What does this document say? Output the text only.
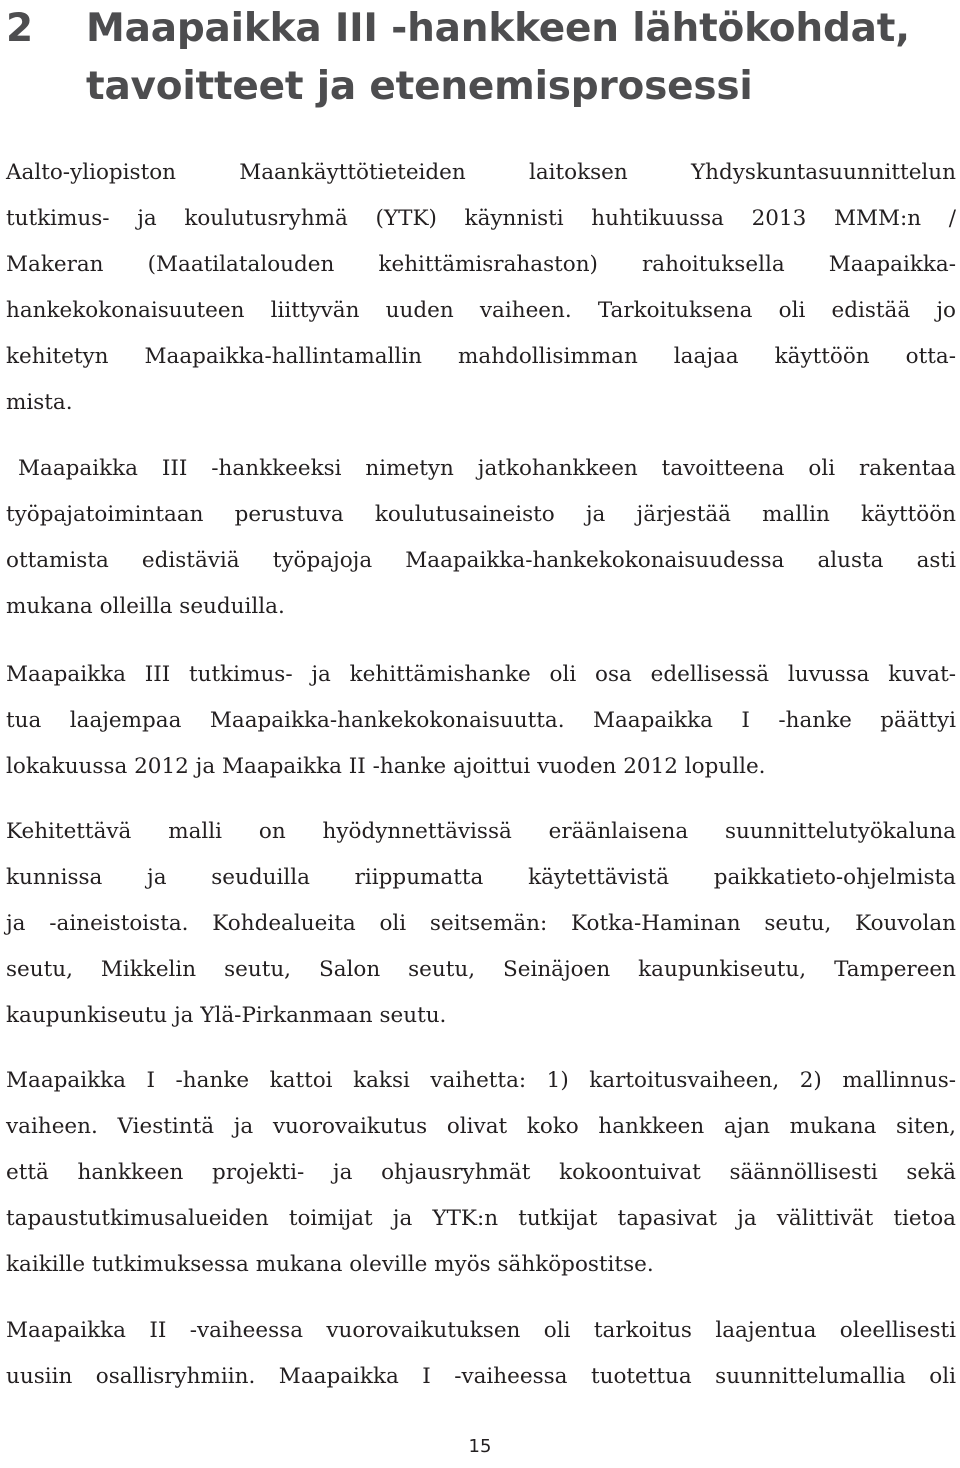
2 Maapaikka III -hankkeen lähtökohdat,
tavoitteet ja etenemisprosessi
Aalto-yliopiston Maankäyttötieteiden laitoksen Yhdyskuntasuunnittelun
tutkimus- ja koulutusryhmä (YTK) käynnisti huhtikuussa 2013 MMM:n /
Makeran (Maatilatalouden kehittämisrahaston) rahoituksella Maapaikka-
hankekokonaisuuteen liittyvän uuden vaiheen. Tarkoituksena oli edistää jo
kehitetyn Maapaikka-hallintamallin mahdollisimman laajaa käyttöön otta-
mista.
Maapaikka III -hankkeeksi nimetyn jatkohankkeen tavoitteena oli rakentaa
työpajatoimintaan perustuva koulutusaineisto ja järjestää mallin käyttöön
ottamista edistäviä työpajoja Maapaikka-hankekokonaisuudessa alusta asti
mukana olleilla seuduilla.
Maapaikka III tutkimus- ja kehittämishanke oli osa edellisessä luvussa kuvat-
tua laajempaa Maapaikka-hankekokonaisuutta. Maapaikka I -hanke päättyi
lokakuussa 2012 ja Maapaikka II -hanke ajoittui vuoden 2012 lopulle.
Kehitettävä malli on hyödynnettävissä eräänlaisena suunnittelutyökaluna
kunnissa ja seuduilla riippumatta käytettävistä paikkatieto-ohjelmista
ja -aineistoista. Kohdealueita oli seitsemän: Kotka-Haminan seutu, Kouvolan
seutu, Mikkelin seutu, Salon seutu, Seinäjoen kaupunkiseutu, Tampereen
kaupunkiseutu ja Ylä-Pirkanmaan seutu.
Maapaikka I -hanke kattoi kaksi vaihetta: 1) kartoitusvaiheen, 2) mallinnus-
vaiheen. Viestintä ja vuorovaikutus olivat koko hankkeen ajan mukana siten,
että hankkeen projekti- ja ohjausryhmät kokoontuivat säännöllisesti sekä
tapaustutkimusalueiden toimijat ja YTK:n tutkijat tapasivat ja välittivät tietoa
kaikille tutkimuksessa mukana oleville myös sähköpostitse.
Maapaikka II -vaiheessa vuorovaikutuksen oli tarkoitus laajentua oleellisesti
uusiin osallisryhmiin. Maapaikka I -vaiheessa tuotettua suunnittelumallia oli
15
